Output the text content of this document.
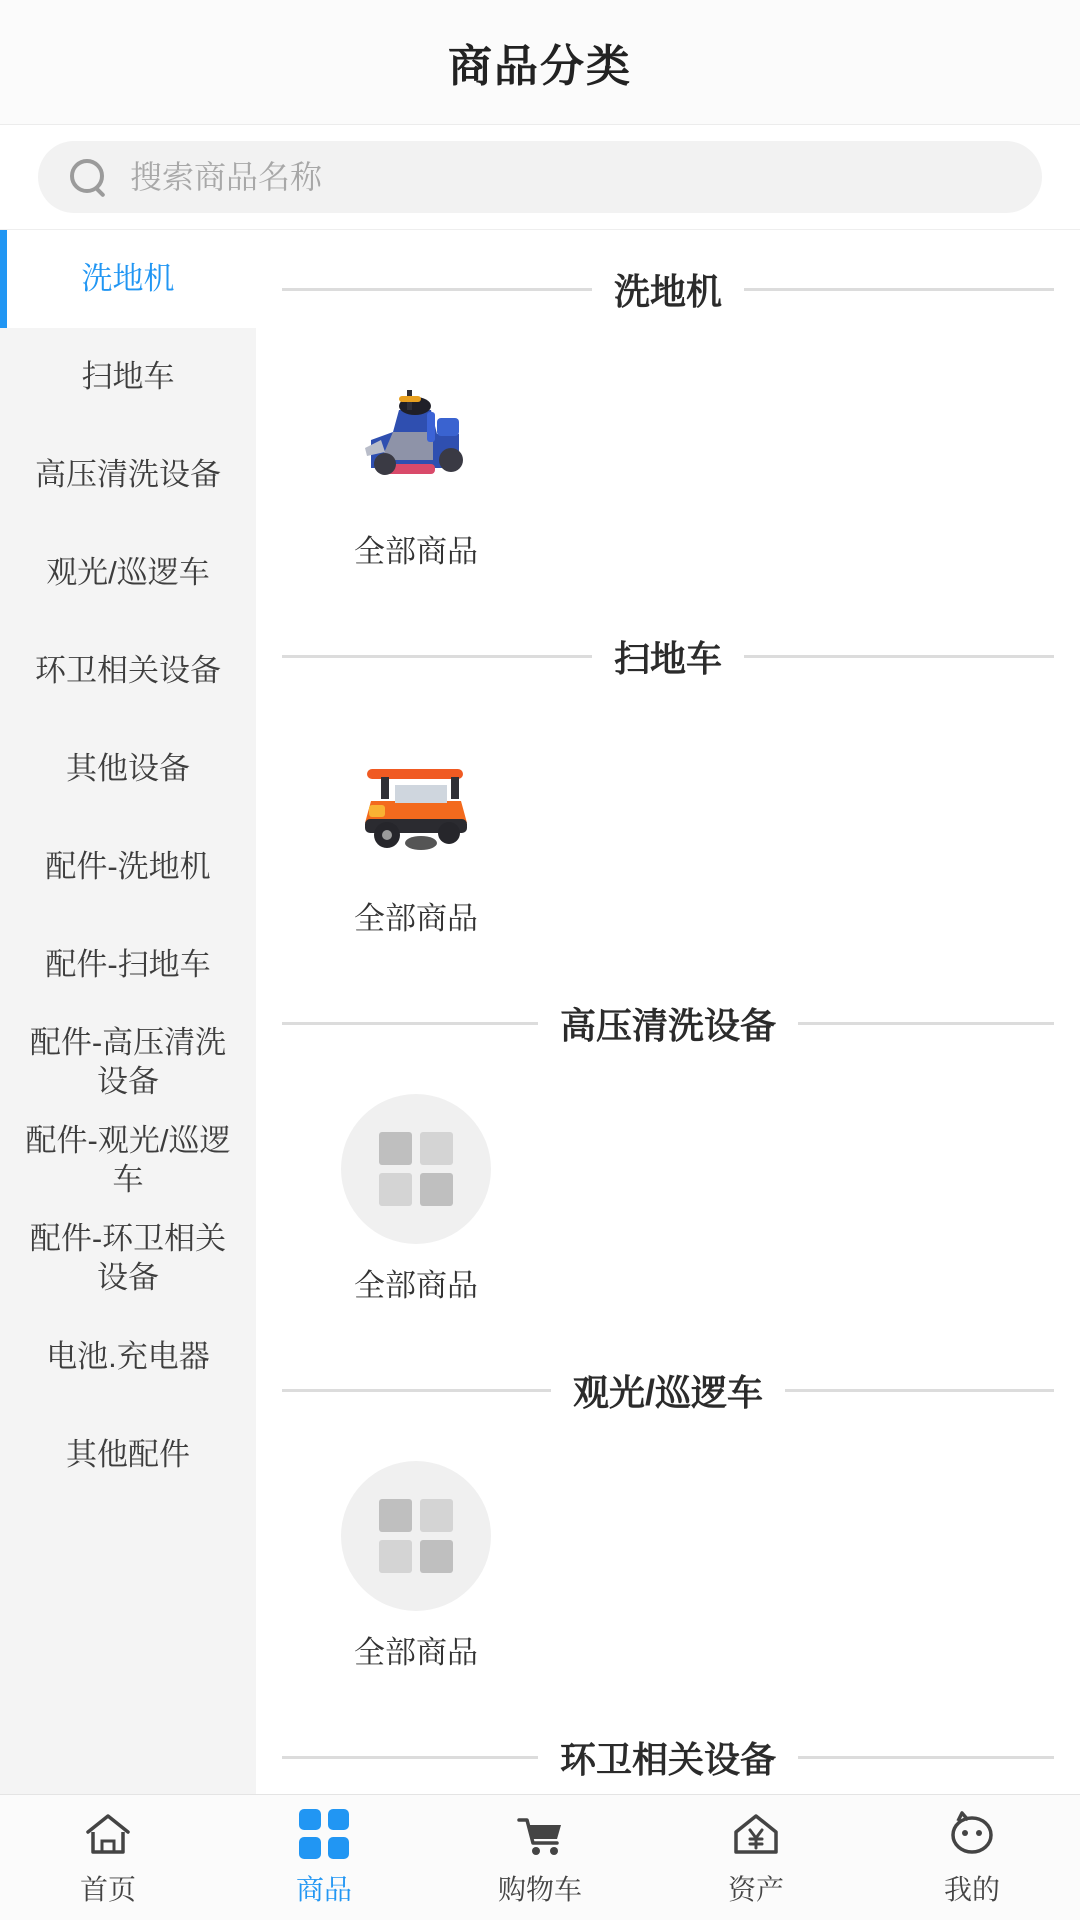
商品分类
搜索商品名称
洗地机
扫地车
高压清洗设备
观光/巡逻车
环卫相关设备
其他设备
配件-洗地机
配件-扫地车
配件-高压清洗设备
配件-观光/巡逻车
配件-环卫相关设备
电池.充电器
其他配件
洗地机
全部商品
扫地车
全部商品
高压清洗设备
全部商品
观光/巡逻车
全部商品
环卫相关设备
首页	商品	购物车	资产	我的
